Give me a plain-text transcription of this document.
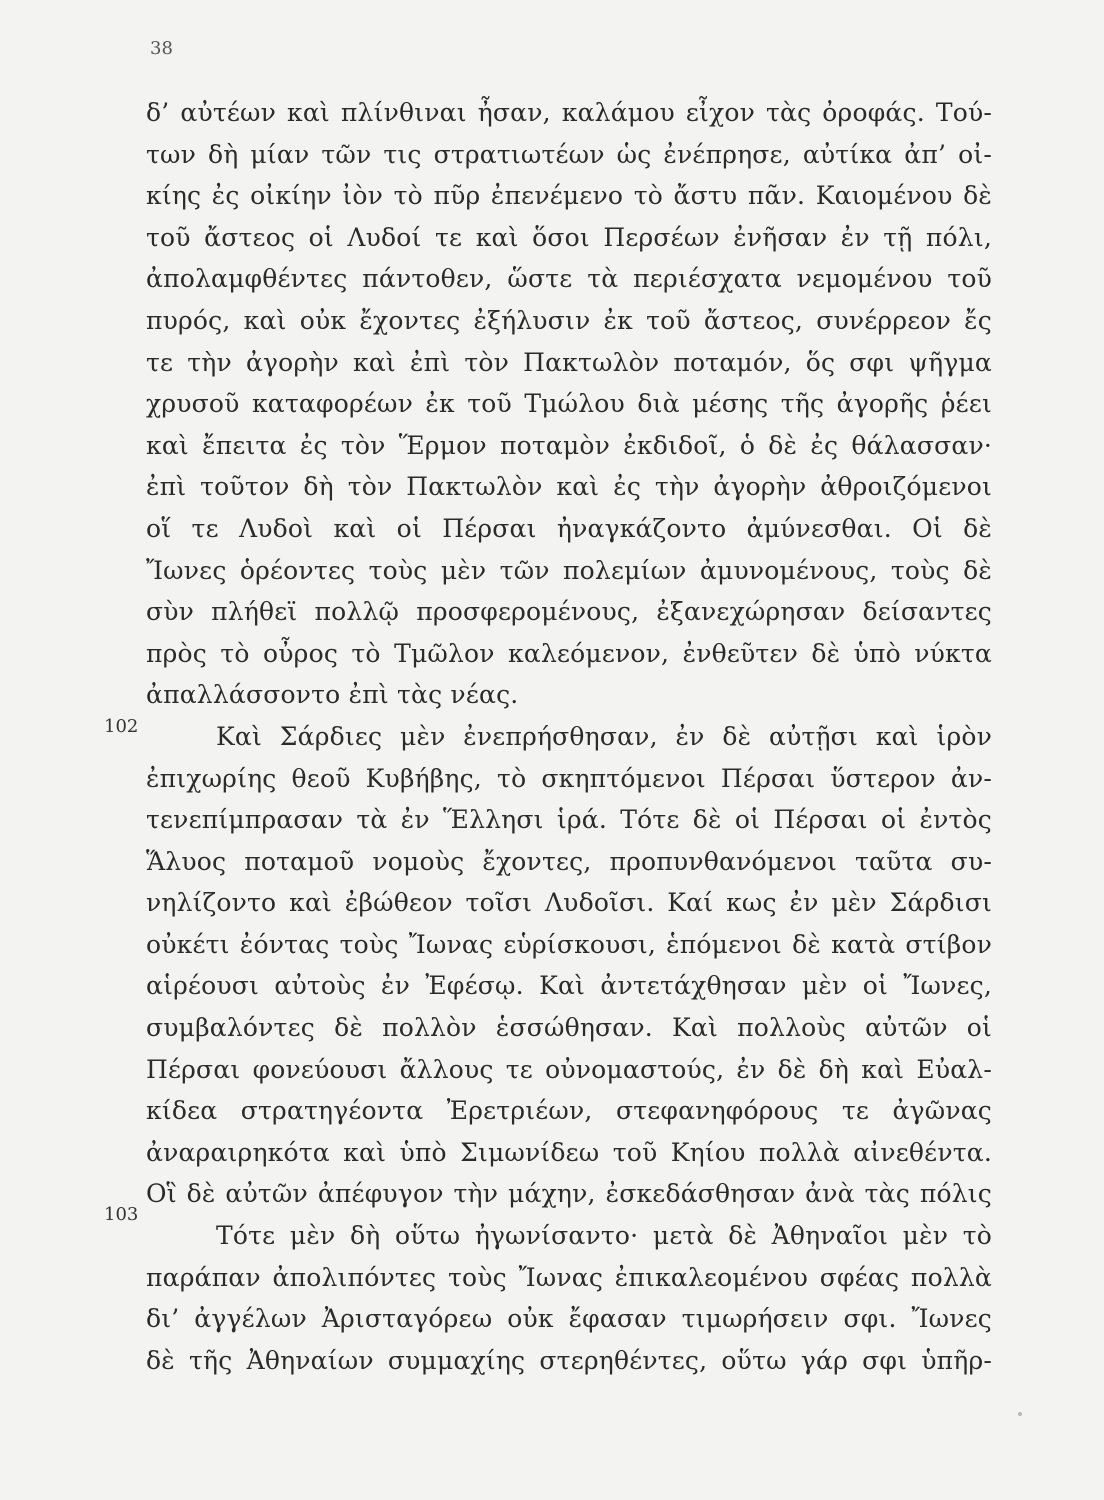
38
102
103
δ’ αὐτέων καὶ πλίνθιναι ἦσαν, καλάμου εἶχον τὰς ὀροφάς. Τού-
των δὴ μίαν τῶν τις στρατιωτέων ὡς ἐνέπρησε, αὐτίκα ἀπ’ οἰ-
κίης ἐς οἰκίην ἰὸν τὸ πῦρ ἐπενέμενο τὸ ἄστυ πᾶν. Καιομένου δὲ
τοῦ ἄστεος οἱ Λυδοί τε καὶ ὅσοι Περσέων ἐνῆσαν ἐν τῇ πόλι,
ἀπολαμφθέντες πάντοθεν, ὥστε τὰ περιέσχατα νεμομένου τοῦ
πυρός, καὶ οὐκ ἔχοντες ἐξήλυσιν ἐκ τοῦ ἄστεος, συνέρρεον ἔς
τε τὴν ἀγορὴν καὶ ἐπὶ τὸν Πακτωλὸν ποταμόν, ὅς σφι ψῆγμα
χρυσοῦ καταφορέων ἐκ τοῦ Τμώλου διὰ μέσης τῆς ἀγορῆς ῥέει
καὶ ἔπειτα ἐς τὸν Ἕρμον ποταμὸν ἐκδιδοῖ, ὁ δὲ ἐς θάλασσαν·
ἐπὶ τοῦτον δὴ τὸν Πακτωλὸν καὶ ἐς τὴν ἀγορὴν ἀθροιζόμενοι
οἵ τε Λυδοὶ καὶ οἱ Πέρσαι ἠναγκάζοντο ἀμύνεσθαι. Οἱ δὲ
Ἴωνες ὁρέοντες τοὺς μὲν τῶν πολεμίων ἀμυνομένους, τοὺς δὲ
σὺν πλήθεϊ πολλῷ προσφερομένους, ἐξανεχώρησαν δείσαντες
πρὸς τὸ οὖρος τὸ Τμῶλον καλεόμενον, ἐνθεῦτεν δὲ ὑπὸ νύκτα
ἀπαλλάσσοντο ἐπὶ τὰς νέας.
Καὶ Σάρδιες μὲν ἐνεπρήσθησαν, ἐν δὲ αὐτῇσι καὶ ἱρὸν
ἐπιχωρίης θεοῦ Κυβήβης, τὸ σκηπτόμενοι Πέρσαι ὕστερον ἀν-
τενεπίμπρασαν τὰ ἐν Ἕλλησι ἱρά. Τότε δὲ οἱ Πέρσαι οἱ ἐντὸς
Ἅλυος ποταμοῦ νομοὺς ἔχοντες, προπυνθανόμενοι ταῦτα συ-
νηλίζοντο καὶ ἐβώθεον τοῖσι Λυδοῖσι. Καί κως ἐν μὲν Σάρδισι
οὐκέτι ἐόντας τοὺς Ἴωνας εὑρίσκουσι, ἑπόμενοι δὲ κατὰ στίβον
αἱρέουσι αὐτοὺς ἐν Ἐφέσῳ. Καὶ ἀντετάχθησαν μὲν οἱ Ἴωνες,
συμβαλόντες δὲ πολλὸν ἑσσώθησαν. Καὶ πολλοὺς αὐτῶν οἱ
Πέρσαι φονεύουσι ἄλλους τε οὐνομαστούς, ἐν δὲ δὴ καὶ Εὐαλ-
κίδεα στρατηγέοντα Ἐρετριέων, στεφανηφόρους τε ἀγῶνας
ἀναραιρηκότα καὶ ὑπὸ Σιμωνίδεω τοῦ Κηίου πολλὰ αἰνεθέντα.
Οἳ δὲ αὐτῶν ἀπέφυγον τὴν μάχην, ἐσκεδάσθησαν ἀνὰ τὰς πόλις
Τότε μὲν δὴ οὕτω ἠγωνίσαντο· μετὰ δὲ Ἀθηναῖοι μὲν τὸ
παράπαν ἀπολιπόντες τοὺς Ἴωνας ἐπικαλεομένου σφέας πολλὰ
δι’ ἀγγέλων Ἀρισταγόρεω οὐκ ἔφασαν τιμωρήσειν σφι. Ἴωνες
δὲ τῆς Ἀθηναίων συμμαχίης στερηθέντες, οὕτω γάρ σφι ὑπῆρ-
